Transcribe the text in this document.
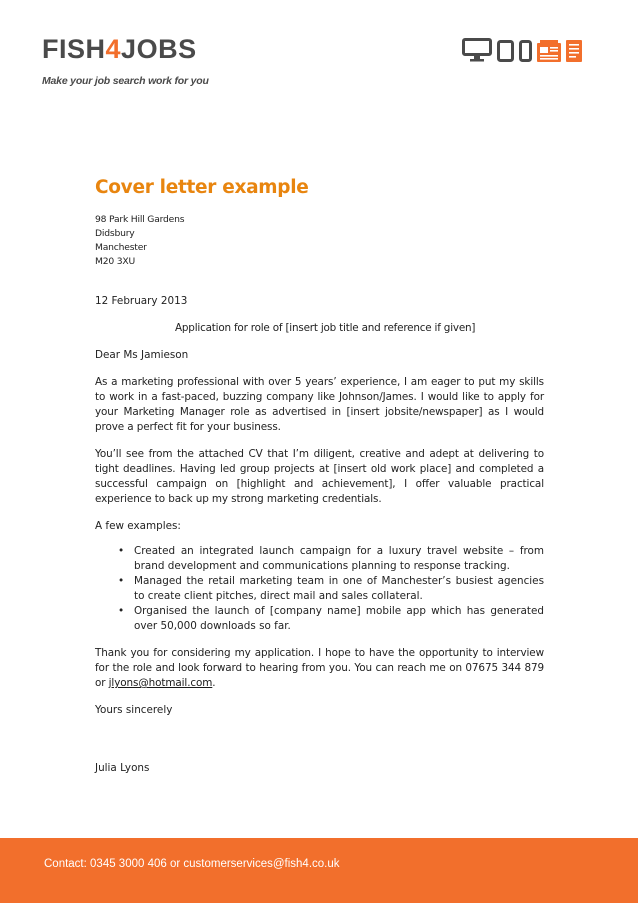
FISH4JOBS
Make your job search work for you
Cover letter example
98 Park Hill Gardens
Didsbury
Manchester
M20 3XU
12 February 2013
Application for role of [insert job title and reference if given]
Dear Ms Jamieson

As a marketing professional with over 5 years’ experience, I am eager to put my skills to work in a fast-paced, buzzing company like Johnson/James. I would like to apply for your Marketing Manager role as advertised in [insert jobsite/newspaper] as I would prove a perfect fit for your business.

You’ll see from the attached CV that I’m diligent, creative and adept at delivering to tight deadlines. Having led group projects at [insert old work place] and completed a successful campaign on [highlight and achievement], I offer valuable practical experience to back up my strong marketing credentials.

A few examples:
• Created an integrated launch campaign for a luxury travel website – from brand development and communications planning to response tracking.
• Managed the retail marketing team in one of Manchester’s busiest agencies to create client pitches, direct mail and sales collateral.
• Organised the launch of [company name] mobile app which has generated over 50,000 downloads so far.

Thank you for considering my application. I hope to have the opportunity to interview for the role and look forward to hearing from you. You can reach me on 07675 344 879 or jlyons@hotmail.com.

Yours sincerely
Julia Lyons
Contact: 0345 3000 406 or customerservices@fish4.co.uk
